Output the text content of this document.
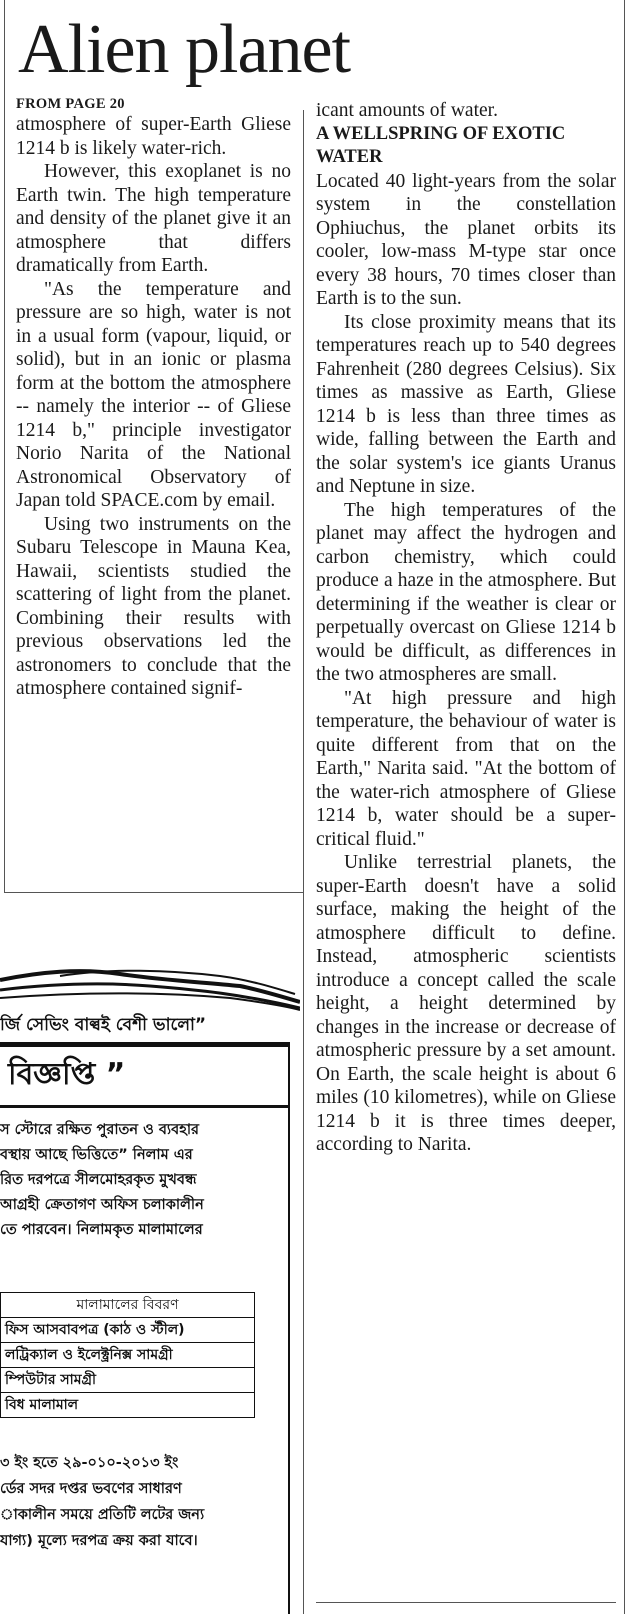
Alien planet
FROM PAGE 20

atmosphere of super-Earth Gliese 1214 b is likely water-rich.

However, this exoplanet is no Earth twin. The high temperature and density of the planet give it an atmosphere that differs dramatically from Earth.

"As the temperature and pressure are so high, water is not in a usual form (vapour, liquid, or solid), but in an ionic or plasma form at the bottom the atmosphere -- namely the interior -- of Gliese 1214 b," principle investigator Norio Narita of the National Astronomical Observatory of Japan told SPACE.com by email.

Using two instruments on the Subaru Telescope in Mauna Kea, Hawaii, scientists studied the scattering of light from the planet. Combining their results with previous observations led the astronomers to conclude that the atmosphere contained signif-

icant amounts of water.

A WELLSPRING OF EXOTIC WATER

Located 40 light-years from the solar system in the constellation Ophiuchus, the planet orbits its cooler, low-mass M-type star once every 38 hours, 70 times closer than Earth is to the sun.

Its close proximity means that its temperatures reach up to 540 degrees Fahrenheit (280 degrees Celsius). Six times as massive as Earth, Gliese 1214 b is less than three times as wide, falling between the Earth and the solar system's ice giants Uranus and Neptune in size.

The high temperatures of the planet may affect the hydrogen and carbon chemistry, which could produce a haze in the atmosphere. But determining if the weather is clear or perpetually overcast on Gliese 1214 b would be difficult, as differences in the two atmospheres are small.

"At high pressure and high temperature, the behaviour of water is quite different from that on the Earth," Narita said. "At the bottom of the water-rich atmosphere of Gliese 1214 b, water should be a super-critical fluid."

Unlike terrestrial planets, the super-Earth doesn't have a solid surface, making the height of the atmosphere difficult to define. Instead, atmospheric scientists introduce a concept called the scale height, a height determined by changes in the increase or decrease of atmospheric pressure by a set amount. On Earth, the scale height is about 6 miles (10 kilometres), while on Gliese 1214 b it is three times deeper, according to Narita.

র্জি সেভিং বাল্বই বেশী ভালো”
বিজ্ঞপ্তি ”
স স্টোরে রক্ষিত পুরাতন ও ব্যবহার
বস্থায় আছে ভিত্তিতে” নিলাম এর
রিত দরপত্রে সীলমোহরকৃত মুখবন্ধ
আগ্রহী ক্রেতাগণ অফিস চলাকালীন
তে পারবেন। নিলামকৃত মালামালের
মালামালের বিবরণ
ফিস আসবাবপত্র (কাঠ ও স্টীল)
লট্রিক্যাল ও ইলেক্ট্রনিক্স সামগ্রী
ম্পিউটার সামগ্রী
বিধ মালামাল
৩ ইং হতে ২৯-০১০-২০১৩ ইং
র্ডের সদর দপ্তর ভবণের সাধারণ
াকালীন সময়ে প্রতিটি লটের জন্য
যাগ্য) মূল্যে দরপত্র ক্রয় করা যাবে।
